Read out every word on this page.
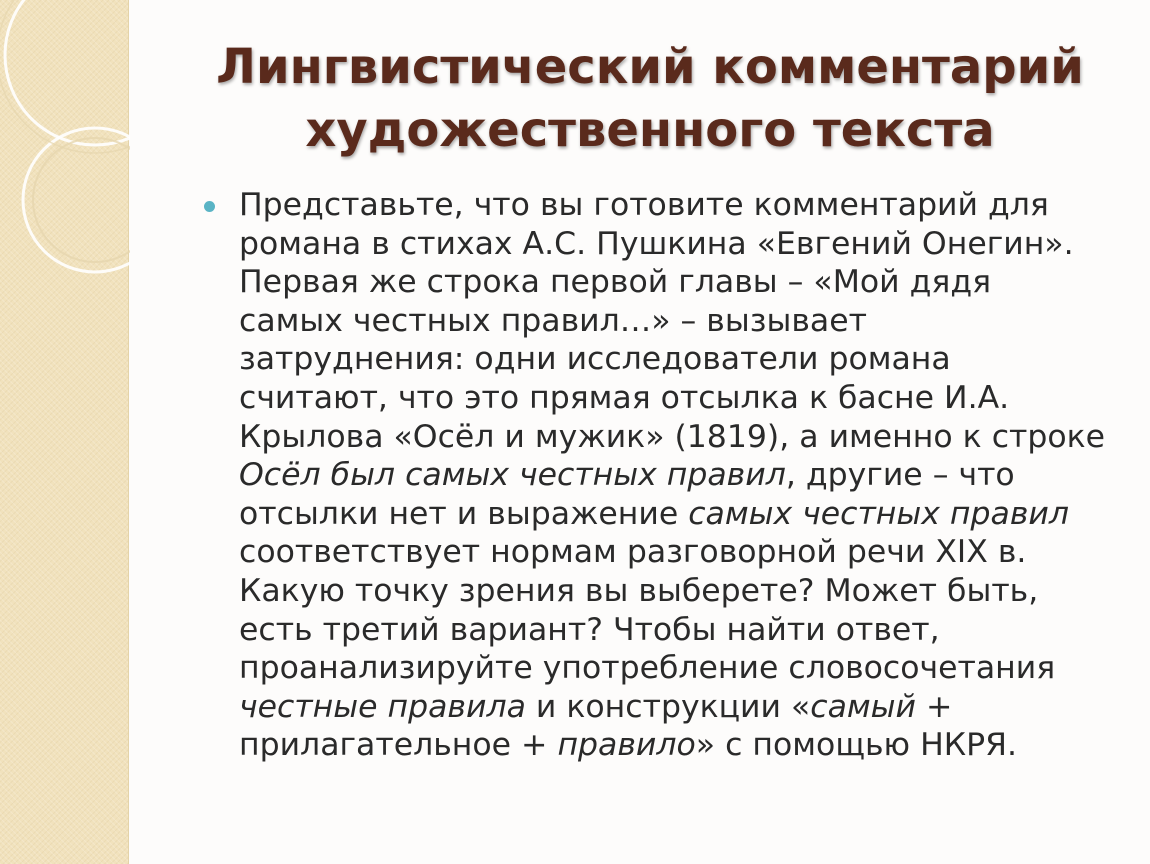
Лингвистический комментарий
художественного текста

Представьте, что вы готовите комментарий для
романа в стихах А.С. Пушкина «Евгений Онегин».
Первая же строка первой главы – «Мой дядя
самых честных правил…» – вызывает
затруднения: одни исследователи романа
считают, что это прямая отсылка к басне И.А.
Крылова «Осёл и мужик» (1819), а именно к строке
Осёл был самых честных правил, другие – что
отсылки нет и выражение самых честных правил
соответствует нормам разговорной речи XIX в.
Какую точку зрения вы выберете? Может быть,
есть третий вариант? Чтобы найти ответ,
проанализируйте употребление словосочетания
честные правила и конструкции «самый +
прилагательное + правило» с помощью НКРЯ.
